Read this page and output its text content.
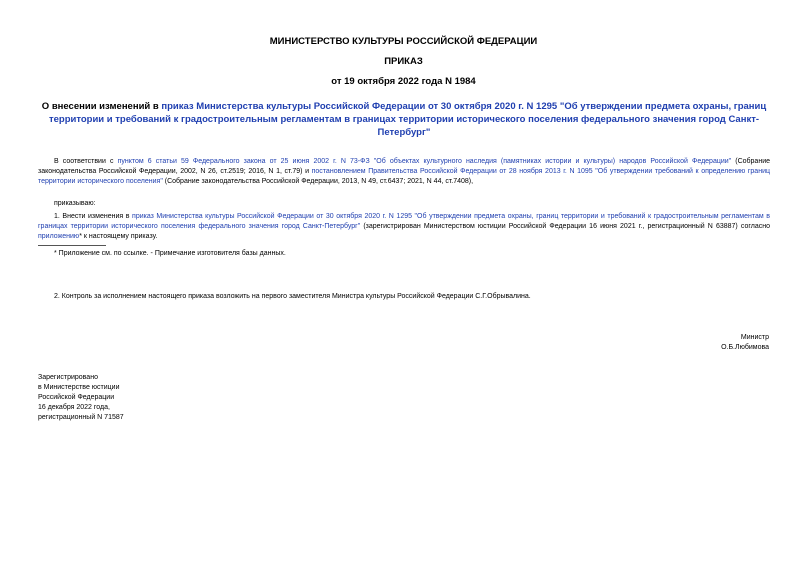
МИНИСТЕРСТВО КУЛЬТУРЫ РОССИЙСКОЙ ФЕДЕРАЦИИ
ПРИКАЗ
от 19 октября 2022 года N 1984
О внесении изменений в приказ Министерства культуры Российской Федерации от 30 октября 2020 г. N 1295 "Об утверждении предмета охраны, границ территории и требований к градостроительным регламентам в границах территории исторического поселения федерального значения город Санкт-Петербург"
В соответствии с пунктом 6 статьи 59 Федерального закона от 25 июня 2002 г. N 73-ФЗ "Об объектах культурного наследия (памятниках истории и культуры) народов Российской Федерации" (Собрание законодательства Российской Федерации, 2002, N 26, ст.2519; 2016, N 1, ст.79) и постановлением Правительства Российской Федерации от 28 ноября 2013 г. N 1095 "Об утверждении требований к определению границ территории исторического поселения" (Собрание законодательства Российской Федерации, 2013, N 49, ст.6437; 2021, N 44, ст.7408),
приказываю:
1. Внести изменения в приказ Министерства культуры Российской Федерации от 30 октября 2020 г. N 1295 "Об утверждении предмета охраны, границ территории и требований к градостроительным регламентам в границах территории исторического поселения федерального значения город Санкт-Петербург" (зарегистрирован Министерством юстиции Российской Федерации 16 июня 2021 г., регистрационный N 63887) согласно приложению* к настоящему приказу.
* Приложение см. по ссылке. - Примечание изготовителя базы данных.
2. Контроль за исполнением настоящего приказа возложить на первого заместителя Министра культуры Российской Федерации С.Г.Обрывалина.
Министр
О.Б.Любимова
Зарегистрировано
в Министерстве юстиции
Российской Федерации
16 декабря 2022 года,
регистрационный N 71587
